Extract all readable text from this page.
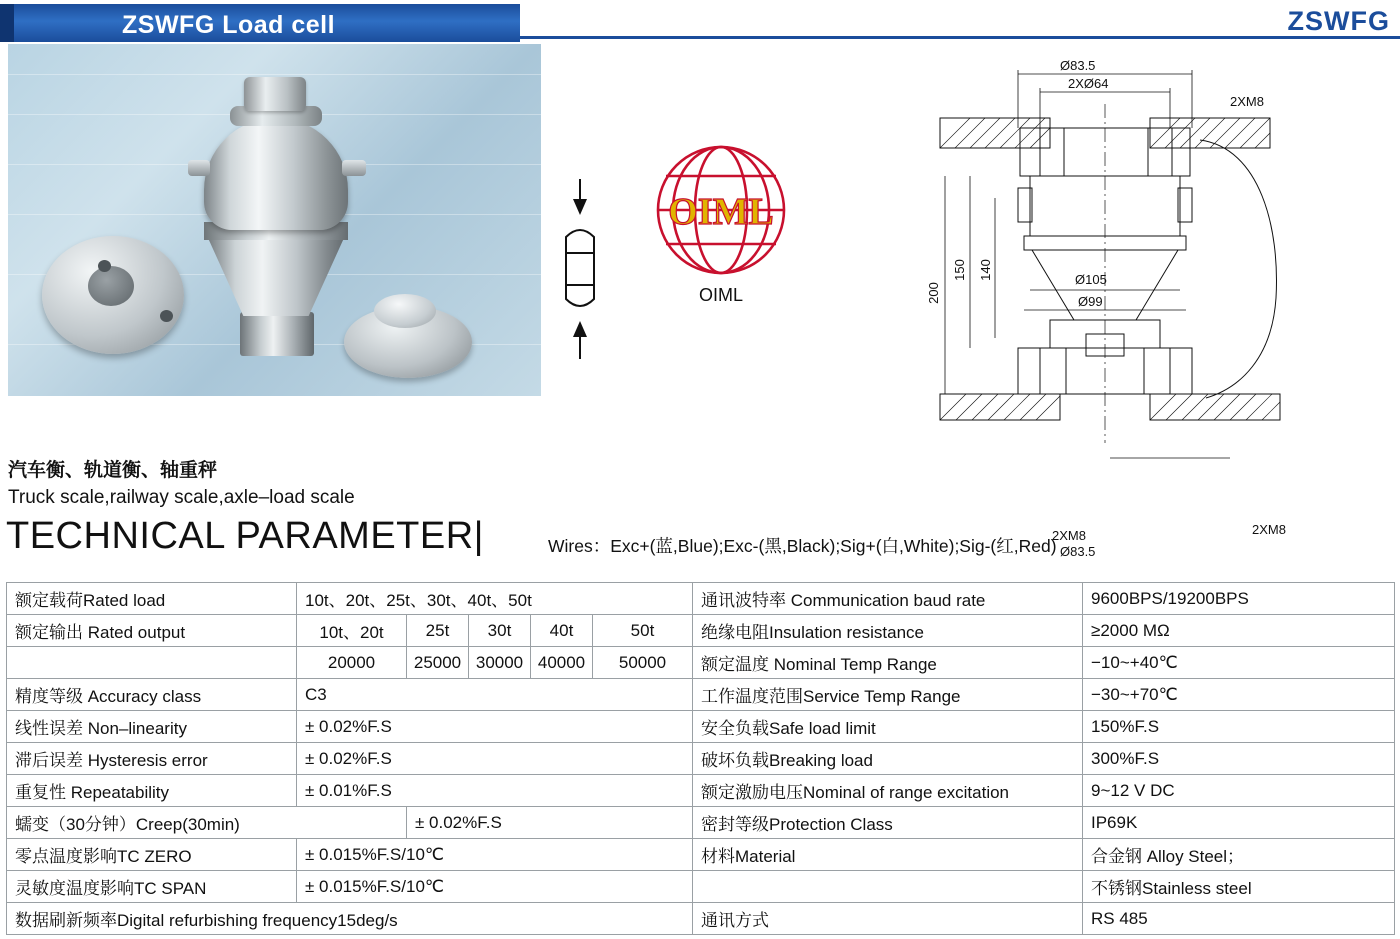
ZSWFG Load cell	ZSWFG
OIML
OIML
Ø83.5
2XØ64
2XM8
2XM8	2XM8
Ø83.5
Ø105
Ø99
200
150 140
汽车衡、轨道衡、轴重秤
Truck scale,railway scale,axle–load scale
TECHNICAL PARAMETER|	Wires：Exc+(蓝,Blue);Exc-(黑,Black);Sig+(白,White);Sig-(红,Red)
额定载荷Rated load	10t、20t、25t、30t、40t、50t					通讯波特率 Communication baud rate	9600BPS/19200BPS
额定输出 Rated output	10t、20t	25t	30t	40t	50t	绝缘电阻Insulation resistance	≥2000 MΩ
	20000	25000	30000	40000	50000	额定温度 Nominal Temp Range	−10~+40℃
精度等级 Accuracy class	C3					工作温度范围Service Temp Range	−30~+70℃
线性误差 Non–linearity	± 0.02%F.S					安全负载Safe load limit	150%F.S
滞后误差 Hysteresis error	± 0.02%F.S					破坏负载Breaking load	300%F.S
重复性 Repeatability	± 0.01%F.S					额定激励电压Nominal of range excitation	9~12 V DC
蠕变（30分钟）Creep(30min)		± 0.02%F.S				密封等级Protection Class	IP69K
零点温度影响TC ZERO	± 0.015%F.S/10℃					材料Material	合金钢 Alloy Steel；
灵敏度温度影响TC SPAN	± 0.015%F.S/10℃						不锈钢Stainless steel
数据刷新频率Digital refurbishing frequency15deg/s						通讯方式	RS 485
